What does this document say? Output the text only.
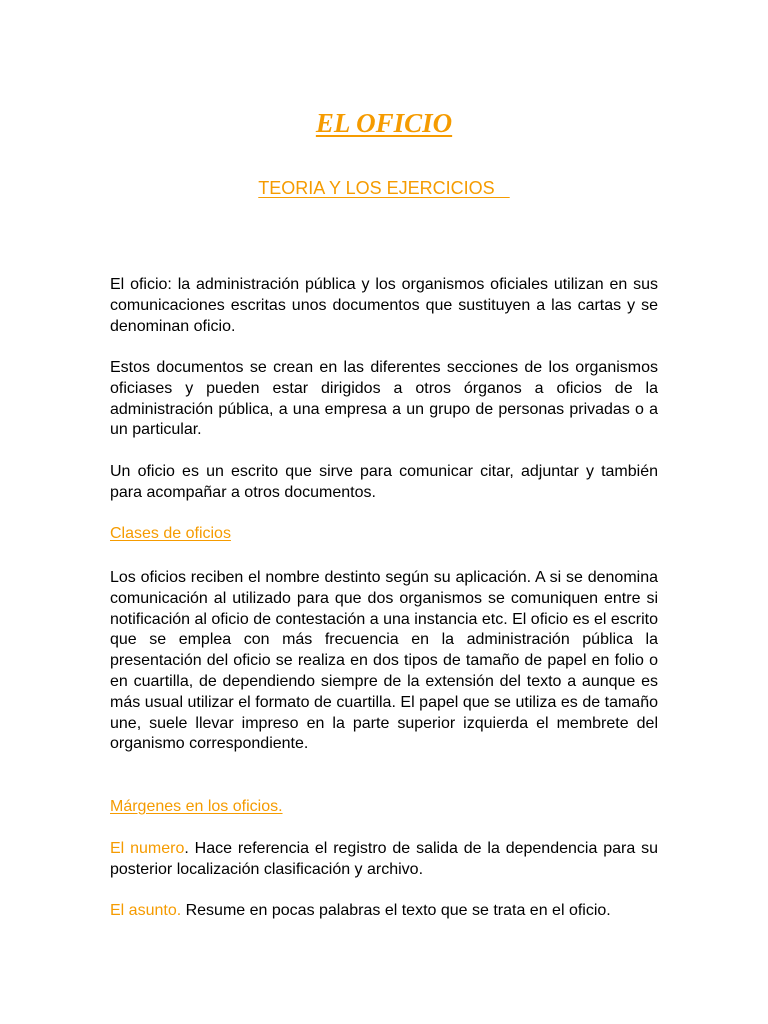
EL OFICIO
TEORIA Y LOS EJERCICIOS

El oficio: la administración pública y los organismos oficiales utilizan en sus comunicaciones escritas unos documentos que sustituyen a las cartas y se denominan oficio.

Estos documentos se crean en las diferentes secciones de los organismos oficiases y pueden estar dirigidos a otros órganos a oficios de la administración pública, a una empresa a un grupo de personas privadas o a un particular.

Un oficio es un escrito que sirve para comunicar citar, adjuntar y también para acompañar a otros documentos.

Clases de oficios

Los oficios reciben el nombre destinto según su aplicación. A si se denomina comunicación al utilizado para que dos organismos se comuniquen entre si notificación al oficio de contestación a una instancia etc. El oficio es el escrito que se emplea con más frecuencia en la administración pública la presentación del oficio se realiza en dos tipos de tamaño de papel en folio o en cuartilla, de dependiendo siempre de la extensión del texto a aunque es más usual utilizar el formato de cuartilla. El papel que se utiliza es de tamaño une, suele llevar impreso en la parte superior izquierda el membrete del organismo correspondiente.

Márgenes en los oficios.

El numero. Hace referencia el registro de salida de la dependencia para su posterior localización clasificación y archivo.

El asunto. Resume en pocas palabras el texto que se trata en el oficio.
